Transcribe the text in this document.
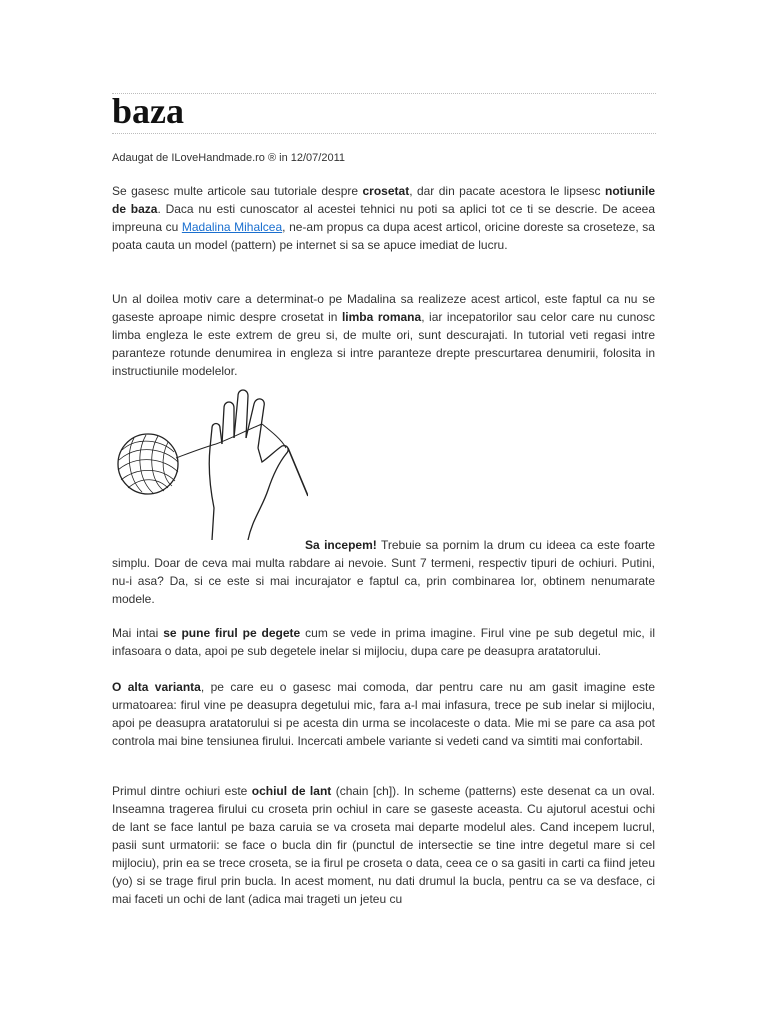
baza
Adaugat de ILoveHandmade.ro ® in 12/07/2011
Se gasesc multe articole sau tutoriale despre crosetat, dar din pacate acestora le lipsesc notiunile de baza. Daca nu esti cunoscator al acestei tehnici nu poti sa aplici tot ce ti se descrie. De aceea impreuna cu Madalina Mihalcea, ne-am propus ca dupa acest articol, oricine doreste sa croseteze, sa poata cauta un model (pattern) pe internet si sa se apuce imediat de lucru.
Un al doilea motiv care a determinat-o pe Madalina sa realizeze acest articol, este faptul ca nu se gaseste aproape nimic despre crosetat in limba romana, iar incepatorilor sau celor care nu cunosc limba engleza le este extrem de greu si, de multe ori, sunt descurajati. In tutorial veti regasi intre paranteze rotunde denumirea in engleza si intre paranteze drepte prescurtarea denumirii, folosita in instructiunile modelelor.
Sa incepem! Trebuie sa pornim la drum cu ideea ca este foarte simplu. Doar de ceva mai multa rabdare ai nevoie. Sunt 7 termeni, respectiv tipuri de ochiuri. Putini, nu-i asa? Da, si ce este si mai incurajator e faptul ca, prin combinarea lor, obtinem nenumarate modele.
Mai intai se pune firul pe degete cum se vede in prima imagine. Firul vine pe sub degetul mic, il infasoara o data, apoi pe sub degetele inelar si mijlociu, dupa care pe deasupra aratatorului.
O alta varianta, pe care eu o gasesc mai comoda, dar pentru care nu am gasit imagine este urmatoarea: firul vine pe deasupra degetului mic, fara a-l mai infasura, trece pe sub inelar si mijlociu, apoi pe deasupra aratatorului si pe acesta din urma se incolaceste o data. Mie mi se pare ca asa pot controla mai bine tensiunea firului. Incercati ambele variante si vedeti cand va simtiti mai confortabil.
Primul dintre ochiuri este ochiul de lant (chain [ch]). In scheme (patterns) este desenat ca un oval. Inseamna tragerea firului cu croseta prin ochiul in care se gaseste aceasta. Cu ajutorul acestui ochi de lant se face lantul pe baza caruia se va croseta mai departe modelul ales. Cand incepem lucrul, pasii sunt urmatorii: se face o bucla din fir (punctul de intersectie se tine intre degetul mare si cel mijlociu), prin ea se trece croseta, se ia firul pe croseta o data, ceea ce o sa gasiti in carti ca fiind jeteu (yo) si se trage firul prin bucla. In acest moment, nu dati drumul la bucla, pentru ca se va desface, ci mai faceti un ochi de lant (adica mai trageti un jeteu cu
